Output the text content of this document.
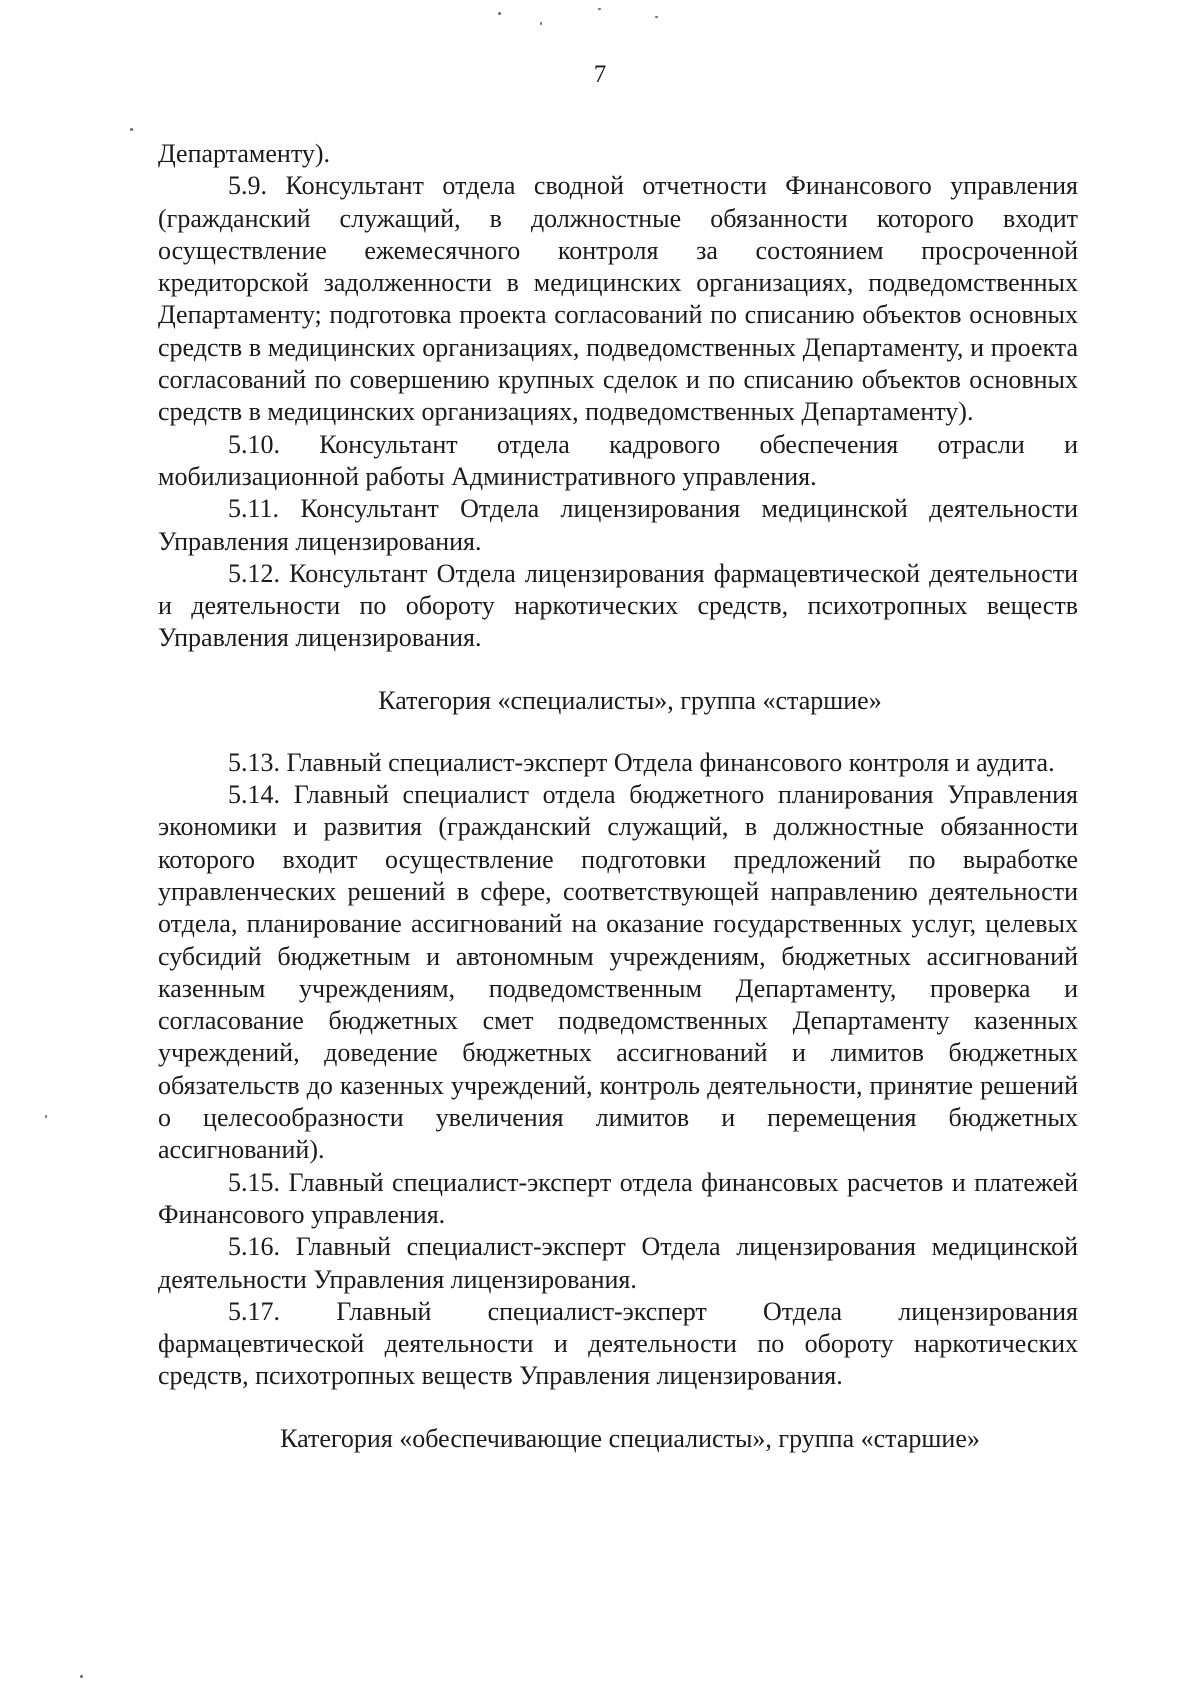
7

Департаменту).

5.9. Консультант отдела сводной отчетности Финансового управления (гражданский служащий, в должностные обязанности которого входит осуществление ежемесячного контроля за состоянием просроченной кредиторской задолженности в медицинских организациях, подведомственных Департаменту; подготовка проекта согласований по списанию объектов основных средств в медицинских организациях, подведомственных Департаменту, и проекта согласований по совершению крупных сделок и по списанию объектов основных средств в медицинских организациях, подведомственных Департаменту).

5.10. Консультант отдела кадрового обеспечения отрасли и мобилизационной работы Административного управления.

5.11. Консультант Отдела лицензирования медицинской деятельности Управления лицензирования.

5.12. Консультант Отдела лицензирования фармацевтической деятельности и деятельности по обороту наркотических средств, психотропных веществ Управления лицензирования.

Категория «специалисты», группа «старшие»

5.13. Главный специалист-эксперт Отдела финансового контроля и аудита.

5.14. Главный специалист отдела бюджетного планирования Управления экономики и развития (гражданский служащий, в должностные обязанности которого входит осуществление подготовки предложений по выработке управленческих решений в сфере, соответствующей направлению деятельности отдела, планирование ассигнований на оказание государственных услуг, целевых субсидий бюджетным и автономным учреждениям, бюджетных ассигнований казенным учреждениям, подведомственным Департаменту, проверка и согласование бюджетных смет подведомственных Департаменту казенных учреждений, доведение бюджетных ассигнований и лимитов бюджетных обязательств до казенных учреждений, контроль деятельности, принятие решений о целесообразности увеличения лимитов и перемещения бюджетных ассигнований).

5.15. Главный специалист-эксперт отдела финансовых расчетов и платежей Финансового управления.

5.16. Главный специалист-эксперт Отдела лицензирования медицинской деятельности Управления лицензирования.

5.17. Главный специалист-эксперт Отдела лицензирования фармацевтической деятельности и деятельности по обороту наркотических средств, психотропных веществ Управления лицензирования.

Категория «обеспечивающие специалисты», группа «старшие»
